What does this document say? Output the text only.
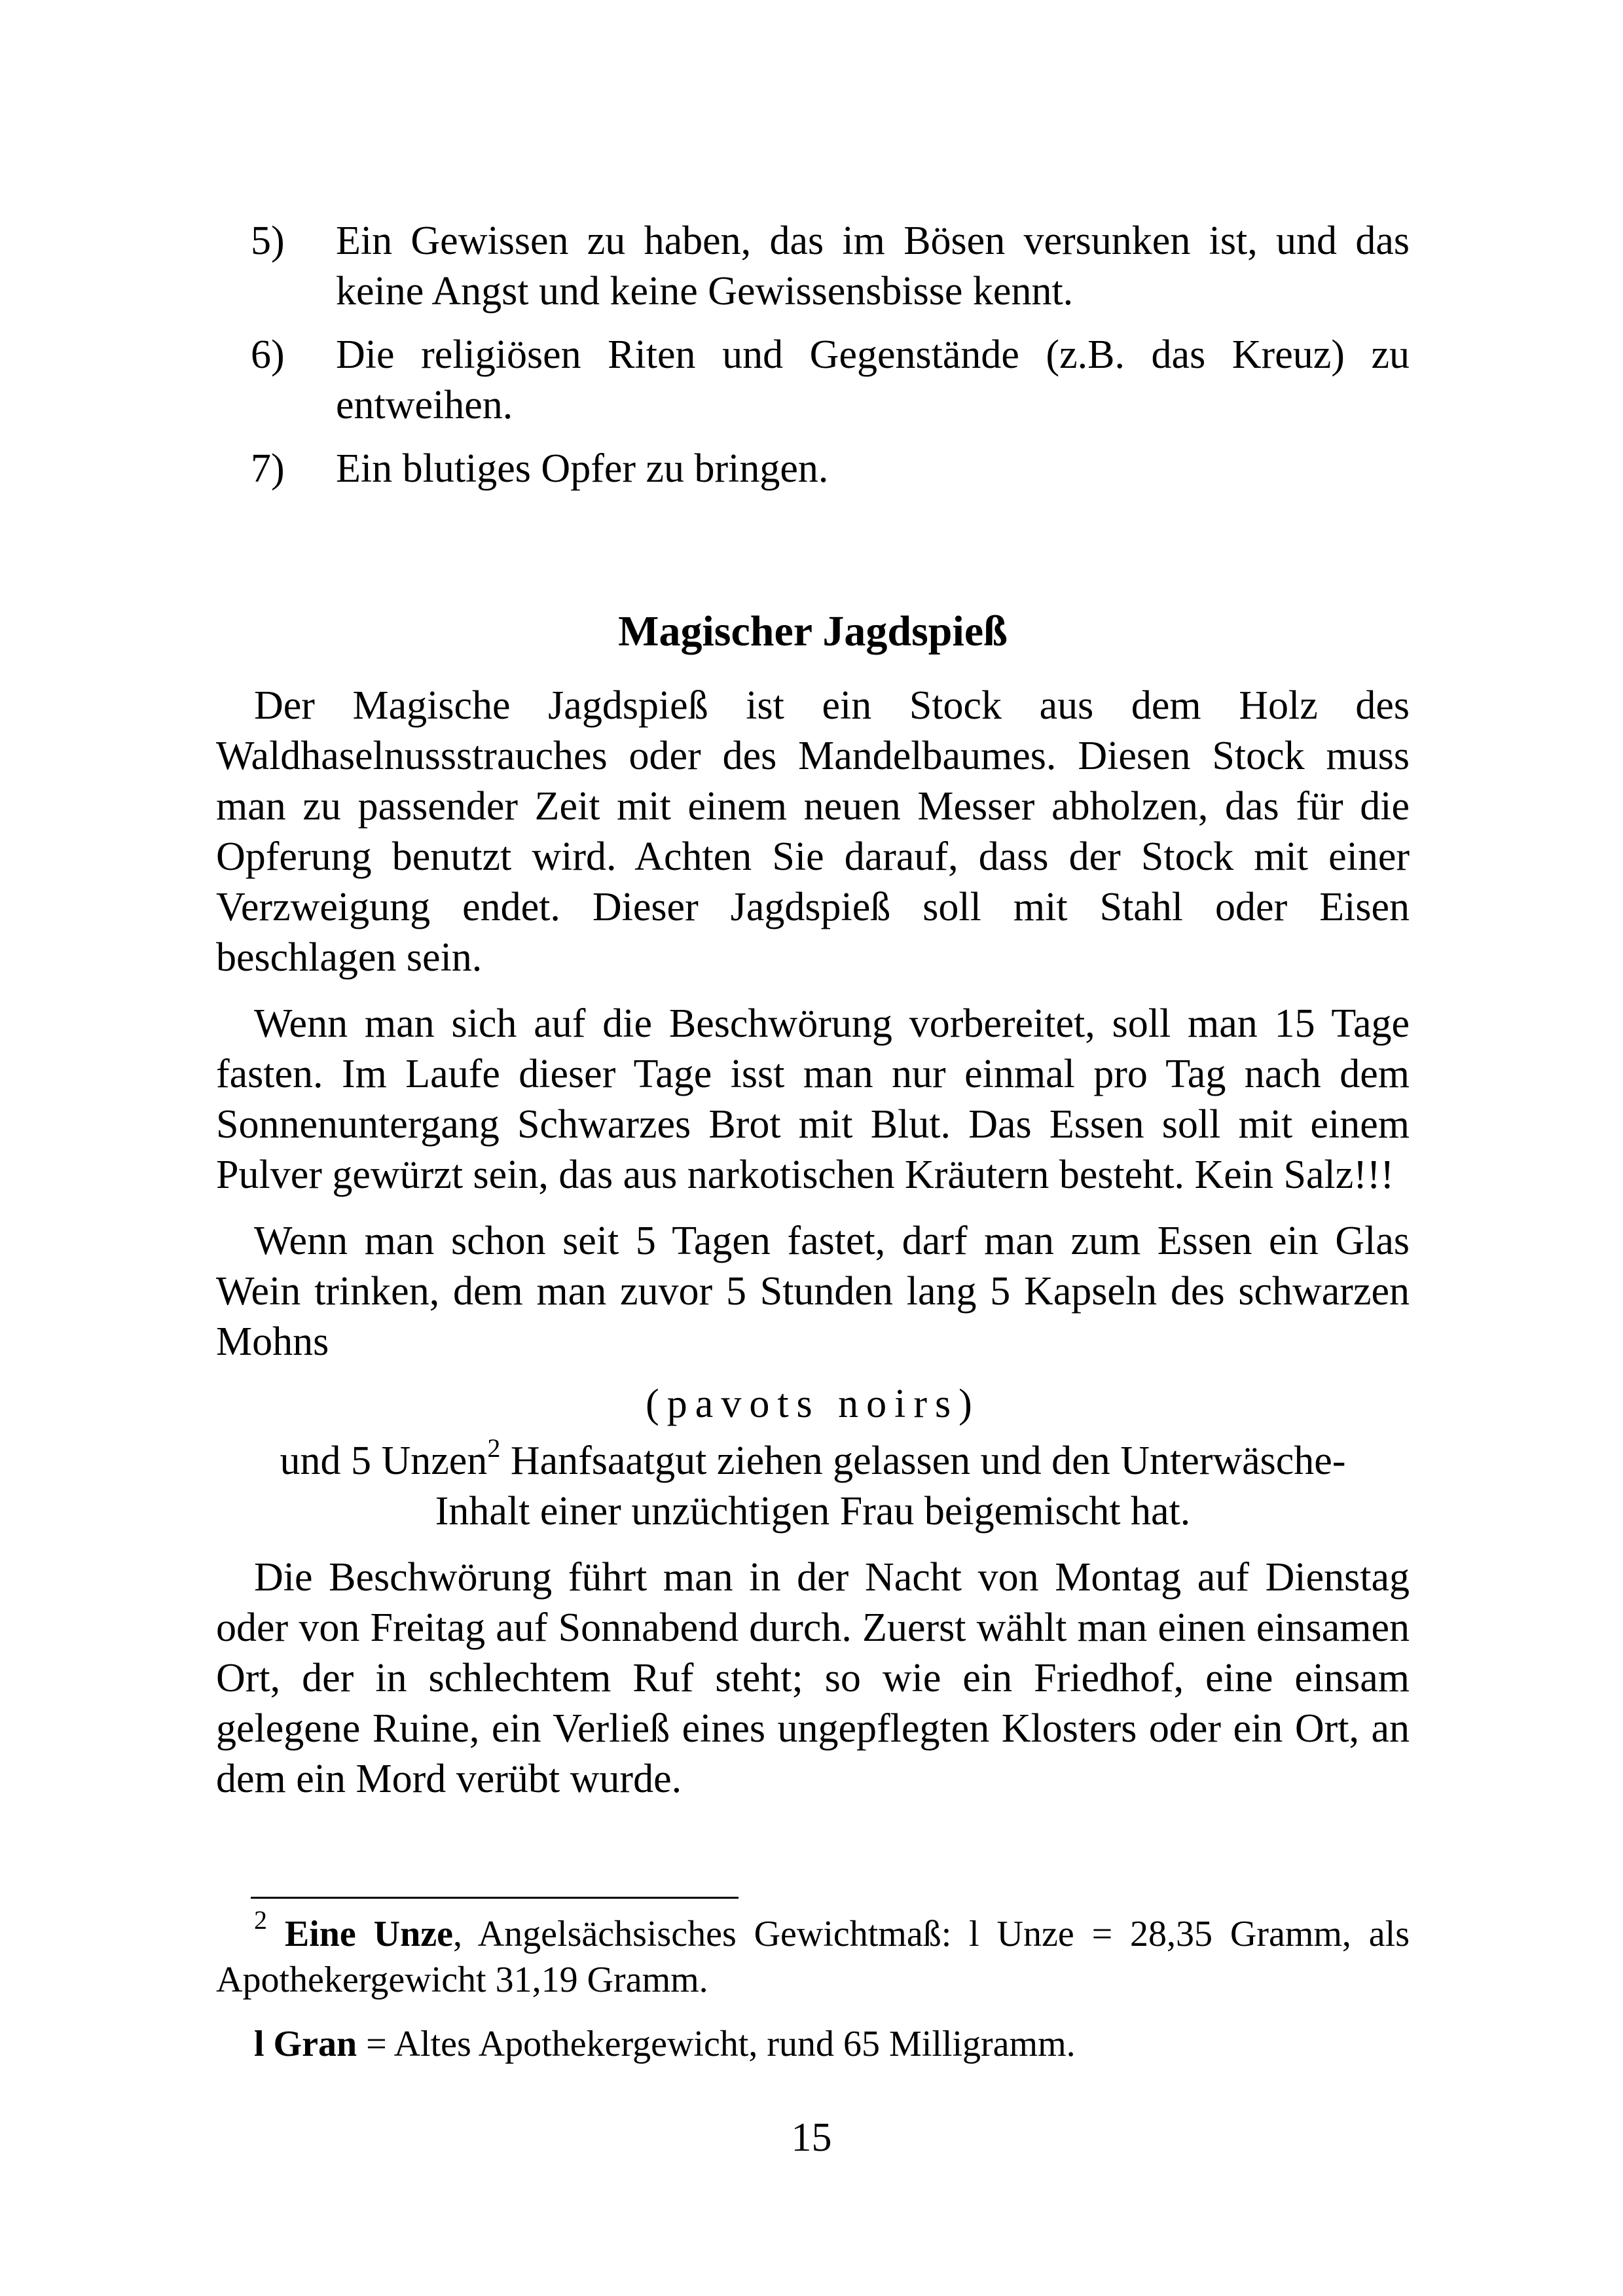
5)	Ein Gewissen zu haben, das im Bösen versunken ist, und das keine Angst und keine Gewissensbisse kennt.
6)	Die religiösen Riten und Gegenstände (z.B. das Kreuz) zu entweihen.
7)	Ein blutiges Opfer zu bringen.
Magischer Jagdspieß

Der Magische Jagdspieß ist ein Stock aus dem Holz des Waldhaselnussstrauches oder des Mandelbaumes. Diesen Stock muss man zu passender Zeit mit einem neuen Messer abholzen, das für die Opferung benutzt wird. Achten Sie darauf, dass der Stock mit einer Verzweigung endet. Dieser Jagdspieß soll mit Stahl oder Eisen beschlagen sein.

Wenn man sich auf die Beschwörung vorbereitet, soll man 15 Tage fasten. Im Laufe dieser Tage isst man nur einmal pro Tag nach dem Sonnenuntergang Schwarzes Brot mit Blut. Das Essen soll mit einem Pulver gewürzt sein, das aus narkotischen Kräutern besteht. Kein Salz!!!

Wenn man schon seit 5 Tagen fastet, darf man zum Essen ein Glas Wein trinken, dem man zuvor 5 Stunden lang 5 Kapseln des schwarzen Mohns

(pavots noirs)

und 5 Unzen$^2$ Hanfsaatgut ziehen gelassen und den Unterwäsche-
Inhalt einer unzüchtigen Frau beigemischt hat.

Die Beschwörung führt man in der Nacht von Montag auf Dienstag oder von Freitag auf Sonnabend durch. Zuerst wählt man einen einsamen Ort, der in schlechtem Ruf steht; so wie ein Friedhof, eine einsam gelegene Ruine, ein Verließ eines ungepflegten Klosters oder ein Ort, an dem ein Mord verübt wurde.

$^2$ Eine Unze, Angelsächsisches Gewichtmaß: l Unze = 28,35 Gramm, als Apothekergewicht 31,19 Gramm.

l Gran = Altes Apothekergewicht, rund 65 Milligramm.

15
